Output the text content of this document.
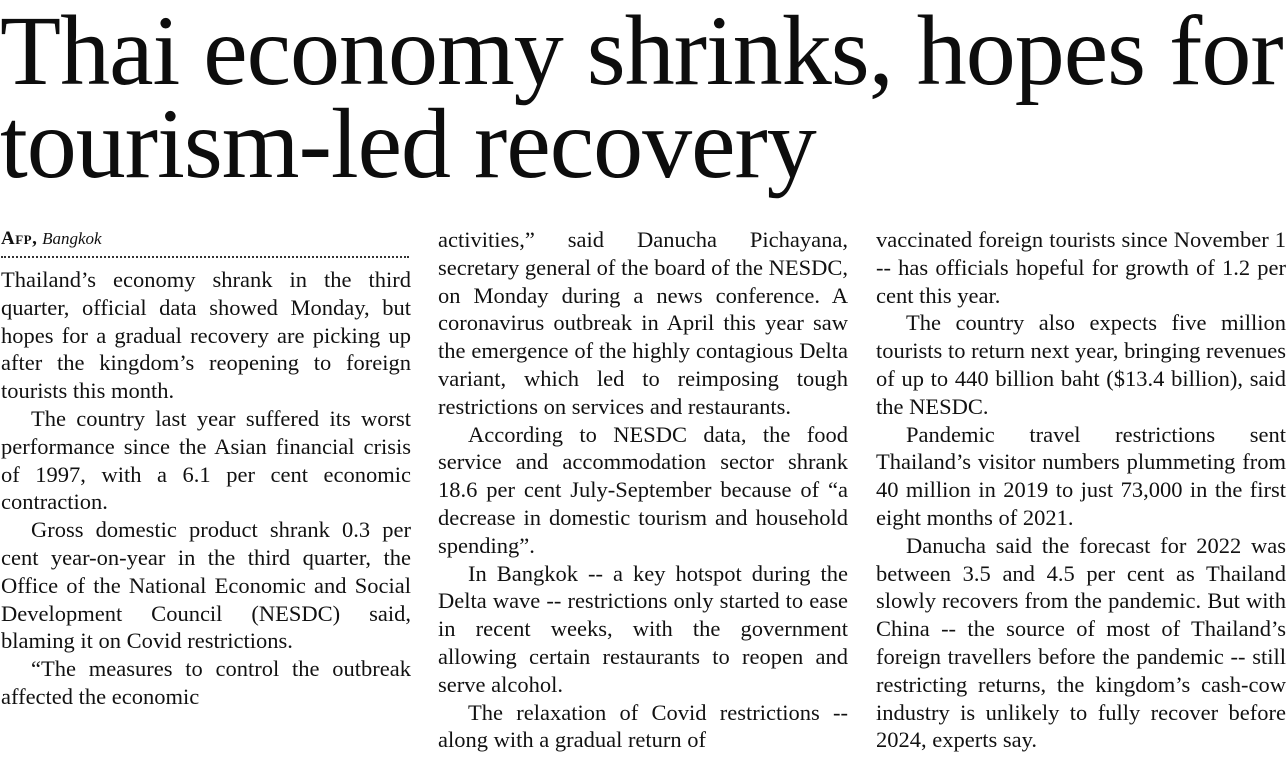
Thai economy shrinks, hopes for tourism-led recovery
Afp, Bangkok

Thailand’s economy shrank in the third quarter, official data showed Monday, but hopes for a gradual recovery are picking up after the kingdom’s reopening to foreign tourists this month.

The country last year suffered its worst performance since the Asian financial crisis of 1997, with a 6.1 per cent economic contraction.

Gross domestic product shrank 0.3 per cent year-on-year in the third quarter, the Office of the National Economic and Social Development Council (NESDC) said, blaming it on Covid restrictions.

“The measures to control the outbreak affected the economic

activities,” said Danucha Pichayana, secretary general of the board of the NESDC, on Monday during a news conference. A coronavirus outbreak in April this year saw the emergence of the highly contagious Delta variant, which led to reimposing tough restrictions on services and restaurants.

According to NESDC data, the food service and accommodation sector shrank 18.6 per cent July-September because of “a decrease in domestic tourism and household spending”.

In Bangkok -- a key hotspot during the Delta wave -- restrictions only started to ease in recent weeks, with the government allowing certain restaurants to reopen and serve alcohol.

The relaxation of Covid restrictions -- along with a gradual return of

vaccinated foreign tourists since November 1 -- has officials hopeful for growth of 1.2 per cent this year.

The country also expects five million tourists to return next year, bringing revenues of up to 440 billion baht ($13.4 billion), said the NESDC.

Pandemic travel restrictions sent Thailand’s visitor numbers plummeting from 40 million in 2019 to just 73,000 in the first eight months of 2021.

Danucha said the forecast for 2022 was between 3.5 and 4.5 per cent as Thailand slowly recovers from the pandemic. But with China -- the source of most of Thailand’s foreign travellers before the pandemic -- still restricting returns, the kingdom’s cash-cow industry is unlikely to fully recover before 2024, experts say.
